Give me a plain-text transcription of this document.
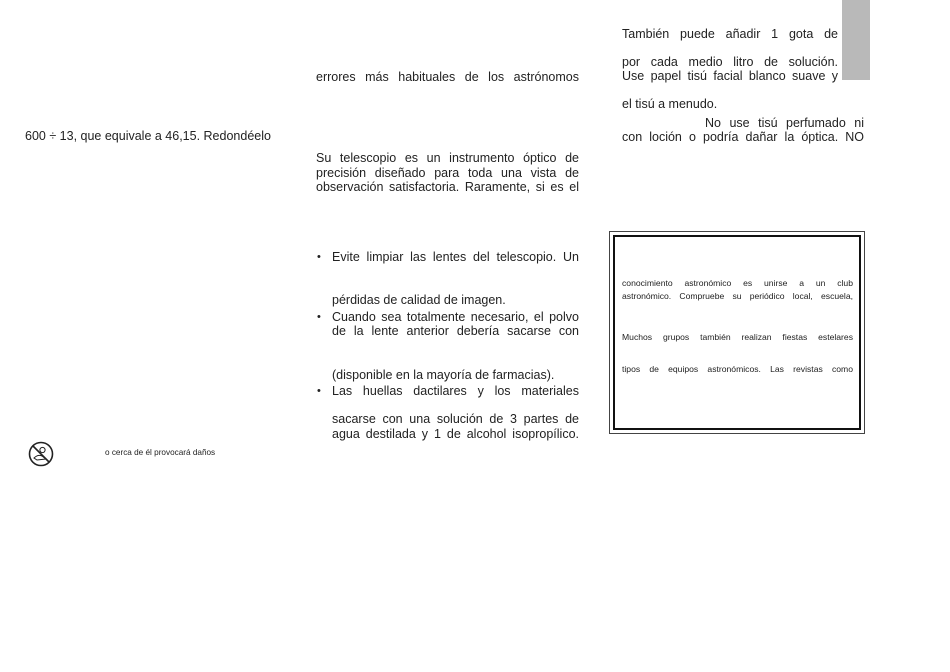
600 ÷ 13, que equivale a 46,15. Redondéelo
o cerca de él provocará daños
errores más habituales de los astrónomos
Su telescopio es un instrumento óptico de
precisión diseñado para toda una vista de
observación satisfactoria. Raramente, si es el
• Evite limpiar las lentes del telescopio. Un
pérdidas de calidad de imagen.
• Cuando sea totalmente necesario, el polvo
de la lente anterior debería sacarse con
(disponible en la mayoría de farmacias).
• Las huellas dactilares y los materiales
sacarse con una solución de 3 partes de
agua destilada y 1 de alcohol isopropílico.
También puede añadir 1 gota de
por cada medio litro de solución.
Use papel tisú facial blanco suave y
el tisú a menudo.
No use tisú perfumado ni
con loción o podría dañar la óptica. NO
conocimiento astronómico es unirse a un club
astronómico. Compruebe su periódico local, escuela,
Muchos grupos también realizan fiestas estelares
tipos de equipos astronómicos. Las revistas como
